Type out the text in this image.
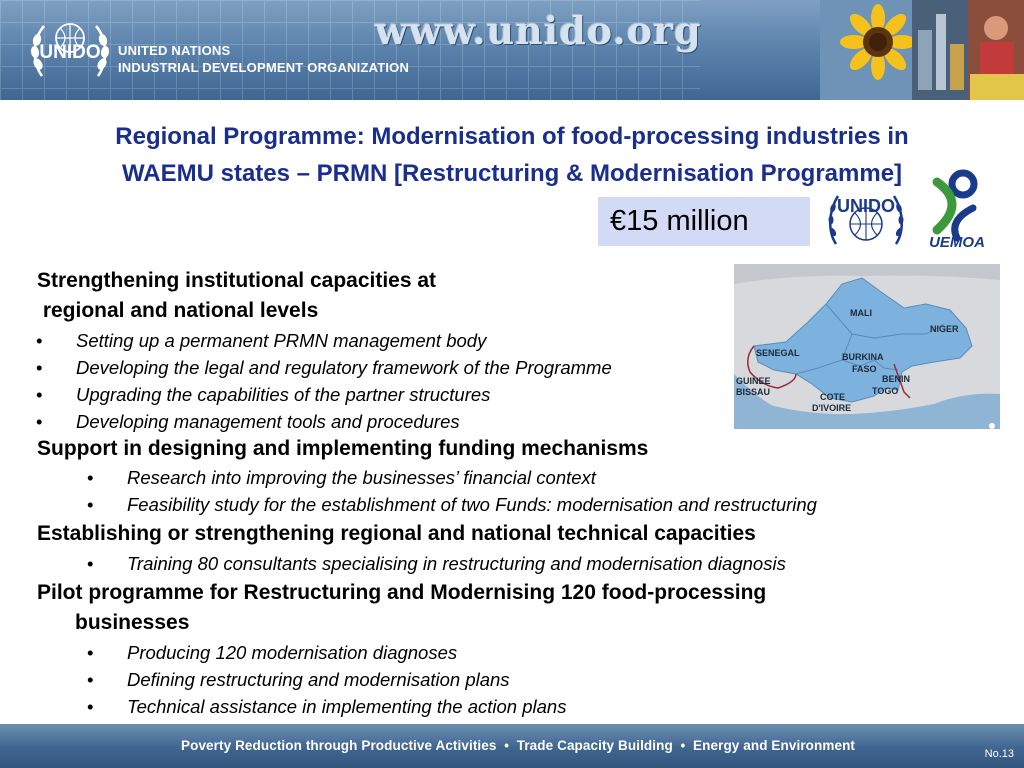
UNIDO UNITED NATIONS
INDUSTRIAL DEVELOPMENT ORGANIZATION
www.unido.org
Regional Programme: Modernisation of food-processing industries in
WAEMU states – PRMN [Restructuring & Modernisation Programme]
€15 million	UNIDO
UEMOA
MALI
NIGER
SENEGAL	BURKINA
FASO
GUINEE
BISSAU
BENIN
TOGO
COTE
D'IVOIRE
Strengthening institutional capacities at
regional and national levels
• Setting up a permanent PRMN management body
• Developing the legal and regulatory framework of the Programme
• Upgrading the capabilities of the partner structures
• Developing management tools and procedures
Support in designing and implementing funding mechanisms
• Research into improving the businesses’ financial context
• Feasibility study for the establishment of two Funds: modernisation and restructuring
Establishing or strengthening regional and national technical capacities
• Training 80 consultants specialising in restructuring and modernisation diagnosis
Pilot programme for Restructuring and Modernising 120 food-processing
businesses
• Producing 120 modernisation diagnoses
• Defining restructuring and modernisation plans
• Technical assistance in implementing the action plans
Poverty Reduction through Productive Activities  •  Trade Capacity Building  •  Energy and Environment
No.13
